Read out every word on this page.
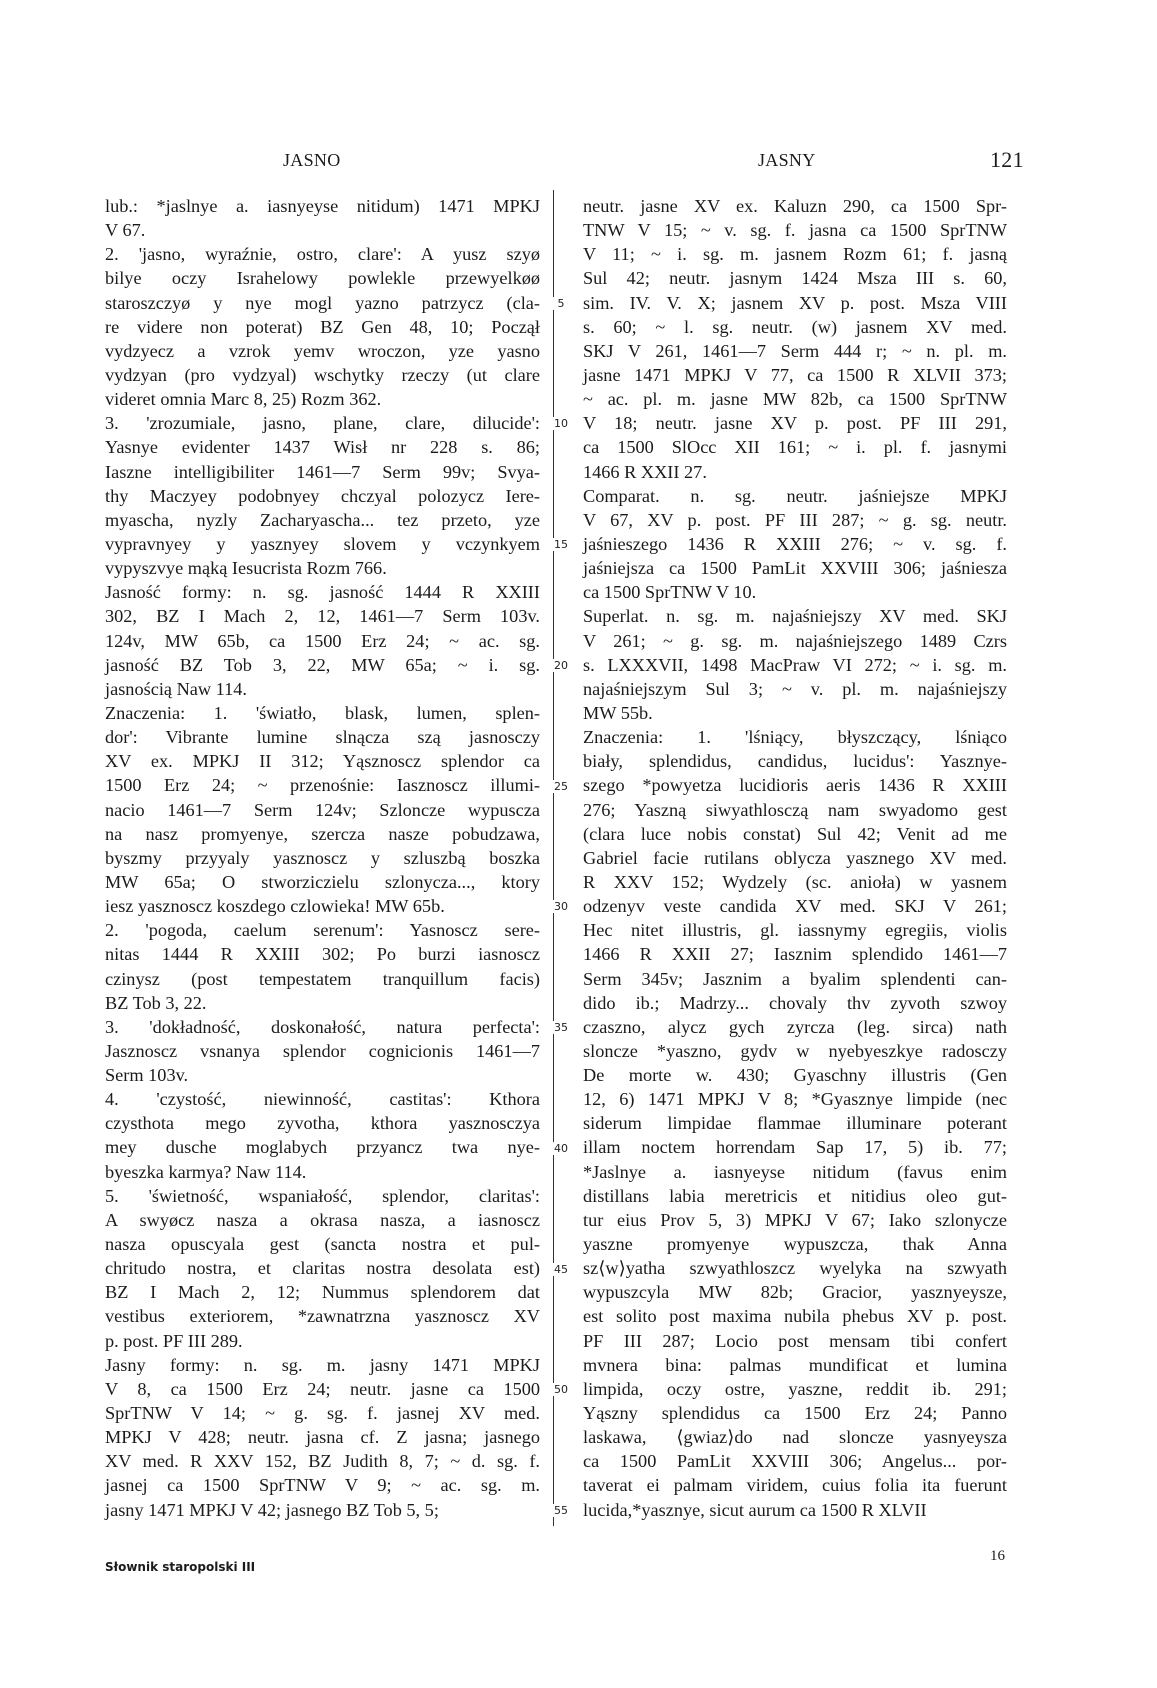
JASNO	JASNY	121
lub.: *jaslnye a. iasnyeyse nitidum) 1471 MPKJ
V 67.
2. 'jasno, wyraźnie, ostro, clare': A yusz szyø
bilye oczy Israhelowy powlekle przewyelkøø
staroszczyø y nye mogl yazno patrzycz (cla-
re videre non poterat) BZ Gen 48, 10; Począł
vydzyecz a vzrok yemv wroczon, yze yasno
vydzyan (pro vydzyal) wschytky rzeczy (ut clare
videret omnia Marc 8, 25) Rozm 362.
3. 'zrozumiale, jasno, plane, clare, dilucide':
Yasnye evidenter 1437 Wisł nr 228 s. 86;
Iaszne intelligibiliter 1461—7 Serm 99v; Svya-
thy Maczyey podobnyey chczyal polozycz Iere-
myascha, nyzly Zacharyascha... tez przeto, yze
vypravnyey y yasznyey slovem y vczynkyem
vypyszvye mąką Iesucrista Rozm 766.
Jasność formy: n. sg. jasność 1444 R XXIII
302, BZ I Mach 2, 12, 1461—7 Serm 103v.
124v, MW 65b, ca 1500 Erz 24; ~ ac. sg.
jasność BZ Tob 3, 22, MW 65a; ~ i. sg.
jasnością Naw 114.
Znaczenia: 1. 'światło, blask, lumen, splen-
dor': Vibrante lumine slnącza szą jasnosczy
XV ex. MPKJ II 312; Yąsznoscz splendor ca
1500 Erz 24; ~ przenośnie: Iasznoscz illumi-
nacio 1461—7 Serm 124v; Szloncze wypuscza
na nasz promyenye, szercza nasze pobudzawa,
byszmy przyyaly yasznoscz y szluszbą boszka
MW 65a; O stworziczielu szlonycza..., ktory
iesz yasznoscz koszdego czlowieka! MW 65b.
2. 'pogoda, caelum serenum': Yasnoscz sere-
nitas 1444 R XXIII 302; Po burzi iasnoscz
czinysz (post tempestatem tranquillum facis)
BZ Tob 3, 22.
3. 'dokładność, doskonałość, natura perfecta':
Jasznoscz vsnanya splendor cognicionis 1461—7
Serm 103v.
4. 'czystość, niewinność, castitas': Kthora
czysthota mego zyvotha, kthora yasznosczya
mey dusche moglabych przyancz twa nye-
byeszka karmya? Naw 114.
5. 'świetność, wspaniałość, splendor, claritas':
A swyøcz nasza a okrasa nasza, a iasnoscz
nasza opuscyala gest (sancta nostra et pul-
chritudo nostra, et claritas nostra desolata est)
BZ I Mach 2, 12; Nummus splendorem dat
vestibus exteriorem, *zawnatrzna yasznoscz XV
p. post. PF III 289.
Jasny formy: n. sg. m. jasny 1471 MPKJ
V 8, ca 1500 Erz 24; neutr. jasne ca 1500
SprTNW V 14; ~ g. sg. f. jasnej XV med.
MPKJ V 428; neutr. jasna cf. Z jasna; jasnego
XV med. R XXV 152, BZ Judith 8, 7; ~ d. sg. f.
jasnej ca 1500 SprTNW V 9; ~ ac. sg. m.
jasny 1471 MPKJ V 42; jasnego BZ Tob 5, 5;
5
10
15
20
25
30
35
40
45
50
55
neutr. jasne XV ex. Kaluzn 290, ca 1500 Spr-
TNW V 15; ~ v. sg. f. jasna ca 1500 SprTNW
V 11; ~ i. sg. m. jasnem Rozm 61; f. jasną
Sul 42; neutr. jasnym 1424 Msza III s. 60,
sim. IV. V. X; jasnem XV p. post. Msza VIII
s. 60; ~ l. sg. neutr. (w) jasnem XV med.
SKJ V 261, 1461—7 Serm 444 r; ~ n. pl. m.
jasne 1471 MPKJ V 77, ca 1500 R XLVII 373;
~ ac. pl. m. jasne MW 82b, ca 1500 SprTNW
V 18; neutr. jasne XV p. post. PF III 291,
ca 1500 SlOcc XII 161; ~ i. pl. f. jasnymi
1466 R XXII 27.
Comparat. n. sg. neutr. jaśniejsze MPKJ
V 67, XV p. post. PF III 287; ~ g. sg. neutr.
jaśnieszego 1436 R XXIII 276; ~ v. sg. f.
jaśniejsza ca 1500 PamLit XXVIII 306; jaśniesza
ca 1500 SprTNW V 10.
Superlat. n. sg. m. najaśniejszy XV med. SKJ
V 261; ~ g. sg. m. najaśniejszego 1489 Czrs
s. LXXXVII, 1498 MacPraw VI 272; ~ i. sg. m.
najaśniejszym Sul 3; ~ v. pl. m. najaśniejszy
MW 55b.
Znaczenia: 1. 'lśniący, błyszczący, lśniąco
biały, splendidus, candidus, lucidus': Yasznye-
szego *powyetza lucidioris aeris 1436 R XXIII
276; Yaszną siwyathlosczą nam swyadomo gest
(clara luce nobis constat) Sul 42; Venit ad me
Gabriel facie rutilans oblycza yasznego XV med.
R XXV 152; Wydzely (sc. anioła) w yasnem
odzenyv veste candida XV med. SKJ V 261;
Hec nitet illustris, gl. iassnymy egregiis, violis
1466 R XXII 27; Iasznim splendido 1461—7
Serm 345v; Jasznim a byalim splendenti can-
dido ib.; Madrzy... chovaly thv zyvoth szwoy
czaszno, alycz gych zyrcza (leg. sirca) nath
slonсze *yaszno, gydv w nyebyeszkye radosczy
De morte w. 430; Gyaschny illustris (Gen
12, 6) 1471 MPKJ V 8; *Gyasznye limpide (nec
siderum limpidae flammae illuminare poterant
illam noctem horrendam Sap 17, 5) ib. 77;
*Jaslnye a. iasnyeyse nitidum (favus enim
distillans labia meretricis et nitidius oleo gut-
tur eius Prov 5, 3) MPKJ V 67; Iako szlonycze
yaszne promyenye wypuszcza, thak Anna
sz⟨w⟩yatha szwyathloszcz wyelyka na szwyath
wypuszcyla MW 82b; Gracior, yasznyeysze,
est solito post maxima nubila phebus XV p. post.
PF III 287; Locio post mensam tibi confert
mvnera bina: palmas mundificat et lumina
limpida, oczy ostre, yaszne, reddit ib. 291;
Yąszny splendidus ca 1500 Erz 24; Panno
laskawa, ⟨gwiaz⟩do nad slonсze yasnyeysza
ca 1500 PamLit XXVIII 306; Angelus... por-
taverat ei palmam viridem, cuius folia ita fuerunt
lucida,*yasznye, sicut aurum ca 1500 R XLVII
Słownik staropolski III
16
